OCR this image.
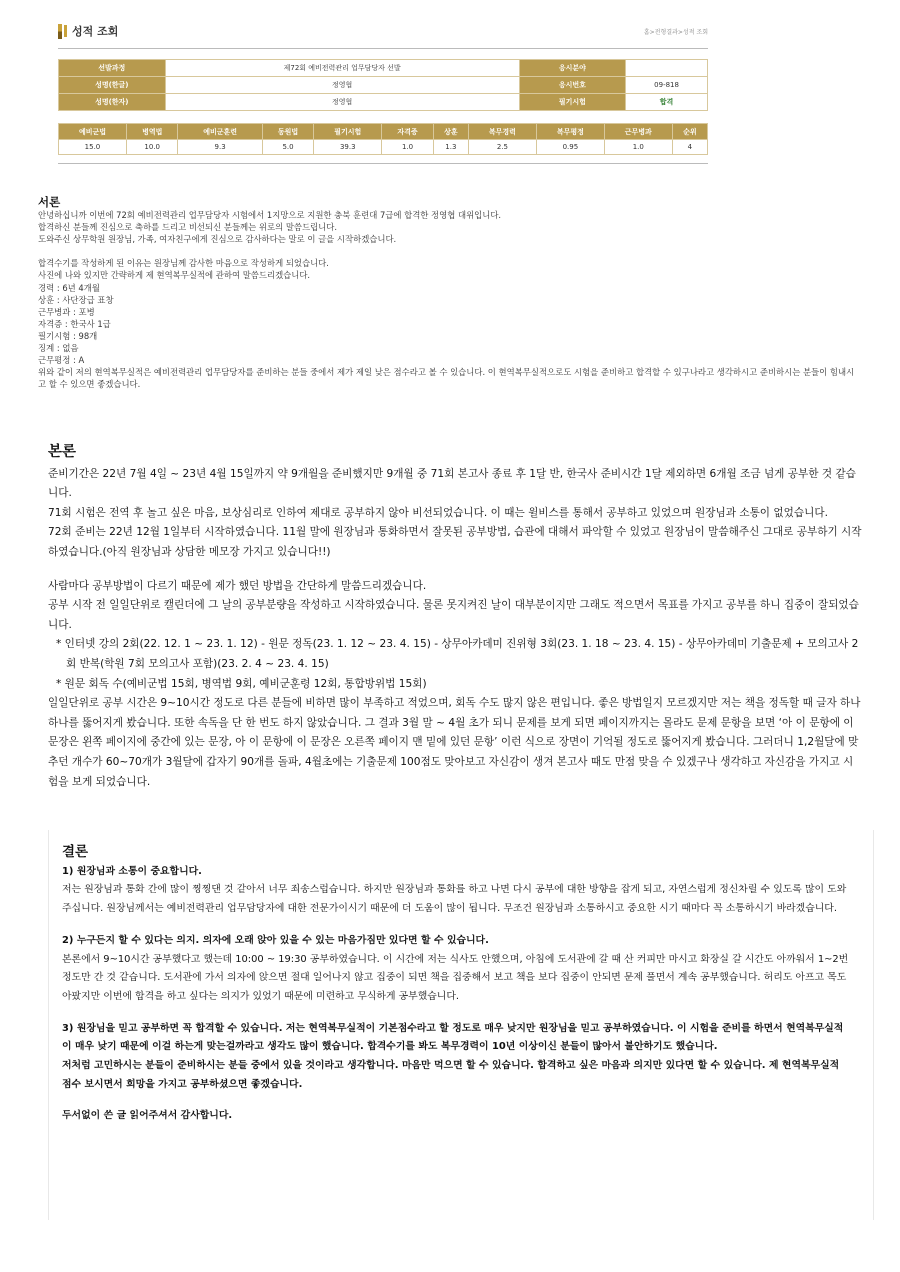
성적 조회	홈>전형결과>성적 조회
선발과정	제72회 예비전력관리 업무담당자 선발	응시분야	
성명(한글)	정영협	응시번호	09-818
성명(한자)	정영협	필기시험	합격
예비군법	병역법	예비군훈련	동원법	필기시험	자격증	상훈	복무경력	복무평정	근무병과	순위
15.0	10.0	9.3	5.0	39.3	1.0	1.3	2.5	0.95	1.0	4
서론

안녕하십니까 이번에 72회 예비전력관리 업무담당자 시험에서 1지망으로 지원한 충북 훈련대 7급에 합격한 정영협 대위입니다.

합격하신 분들께 진심으로 축하를 드리고 비선되신 분들께는 위로의 말씀드립니다.

도와주신 상무학원 원장님, 가족, 여자친구에게 진심으로 감사하다는 말로 이 글을 시작하겠습니다.

합격수기를 작성하게 된 이유는 원장님께 감사한 마음으로 작성하게 되었습니다.

사진에 나와 있지만 간략하게 제 현역복무실적에 관하여 말씀드리겠습니다.

경력 : 6년 4개월

상훈 : 사단장급 표창

근무병과 : 포병

자격증 : 한국사 1급

필기시험 : 98개

징계 : 없음

근무평정 : A

위와 같이 저의 현역복무실적은 예비전력관리 업무담당자를 준비하는 분들 중에서 제가 제일 낮은 점수라고 볼 수 있습니다. 이 현역복무실적으로도 시험을 준비하고 합격할 수 있구나라고 생각하시고 준비하시는 분들이 힘내시고 할 수 있으면 좋겠습니다.

본론

준비기간은 22년 7월 4일 ~ 23년 4월 15일까지 약 9개월을 준비했지만 9개월 중 71회 본고사 종료 후 1달 반, 한국사 준비시간 1달 제외하면 6개월 조금 넘게 공부한 것 같습니다.

71회 시험은 전역 후 놀고 싶은 마음, 보상심리로 인하여 제대로 공부하지 않아 비선되었습니다. 이 때는 윌비스를 통해서 공부하고 있었으며 원장님과 소통이 없었습니다.

72회 준비는 22년 12월 1일부터 시작하였습니다. 11월 말에 원장님과 통화하면서 잘못된 공부방법, 습관에 대해서 파악할 수 있었고 원장님이 말씀해주신 그대로 공부하기 시작하였습니다.(아직 원장님과 상담한 메모장 가지고 있습니다!!)

사람마다 공부방법이 다르기 때문에 제가 했던 방법을 간단하게 말씀드리겠습니다.

공부 시작 전 일일단위로 캘린더에 그 날의 공부분량을 작성하고 시작하였습니다. 물론 못지켜진 날이 대부분이지만 그래도 적으면서 목표를 가지고 공부를 하니 집중이 잘되었습니다.

* 인터넷 강의 2회(22. 12. 1 ~ 23. 1. 12) - 원문 정독(23. 1. 12 ~ 23. 4. 15) - 상무아카데미 진위형 3회(23. 1. 18 ~ 23. 4. 15) - 상무아카데미 기출문제 + 모의고사 2회 반복(학원 7회 모의고사 포함)(23. 2. 4 ~ 23. 4. 15)

* 원문 회독 수(예비군법 15회, 병역법 9회, 예비군훈령 12회, 통합방위법 15회)

일일단위로 공부 시간은 9~10시간 정도로 다른 분들에 비하면 많이 부족하고 적었으며, 회독 수도 많지 않은 편입니다. 좋은 방법일지 모르겠지만 저는 책을 정독할 때 글자 하나하나를 뚫어지게 봤습니다. 또한 속독을 단 한 번도 하지 않았습니다. 그 결과 3월 말 ~ 4월 초가 되니 문제를 보게 되면 페이지까지는 몰라도 문제 문항을 보면 ‘아 이 문항에 이 문장은 왼쪽 페이지에 중간에 있는 문장, 아 이 문항에 이 문장은 오른쪽 페이지 맨 밑에 있던 문항’ 이런 식으로 장면이 기억될 정도로 뚫어지게 봤습니다. 그러더니 1,2월달에 맞추던 개수가 60~70개가 3월달에 갑자기 90개를 돌파, 4월초에는 기출문제 100점도 맞아보고 자신감이 생겨 본고사 때도 만점 맞을 수 있겠구나 생각하고 자신감을 가지고 시험을 보게 되었습니다.

결론

1) 원장님과 소통이 중요합니다.

저는 원장님과 통화 간에 많이 찡찡댄 것 같아서 너무 죄송스럽습니다. 하지만 원장님과 통화를 하고 나면 다시 공부에 대한 방향을 잡게 되고, 자연스럽게 정신차릴 수 있도록 많이 도와주십니다. 원장님께서는 예비전력관리 업무담당자에 대한 전문가이시기 때문에 더 도움이 많이 됩니다. 무조건 원장님과 소통하시고 중요한 시기 때마다 꼭 소통하시기 바라겠습니다.

2) 누구든지 할 수 있다는 의지. 의자에 오래 앉아 있을 수 있는 마음가짐만 있다면 할 수 있습니다.

본론에서 9~10시간 공부했다고 했는데 10:00 ~ 19:30 공부하였습니다. 이 시간에 저는 식사도 안했으며, 아침에 도서관에 갈 때 산 커피만 마시고 화장실 갈 시간도 아까워서 1~2번 정도만 간 것 같습니다. 도서관에 가서 의자에 앉으면 절대 일어나지 않고 집중이 되면 책을 집중해서 보고 책을 보다 집중이 안되면 문제 풀면서 계속 공부했습니다. 허리도 아프고 목도 아팠지만 이번에 합격을 하고 싶다는 의지가 있었기 때문에 미련하고 무식하게 공부했습니다.

3) 원장님을 믿고 공부하면 꼭 합격할 수 있습니다. 저는 현역복무실적이 기본점수라고 할 정도로 매우 낮지만 원장님을 믿고 공부하였습니다. 이 시험을 준비를 하면서 현역복무실적이 매우 낮기 때문에 이걸 하는게 맞는걸까라고 생각도 많이 했습니다. 합격수기를 봐도 복무경력이 10년 이상이신 분들이 많아서 불안하기도 했습니다.

저처럼 고민하시는 분들이 준비하시는 분들 중에서 있을 것이라고 생각합니다. 마음만 먹으면 할 수 있습니다. 합격하고 싶은 마음과 의지만 있다면 할 수 있습니다. 제 현역복무실적 점수 보시면서 희망을 가지고 공부하셨으면 좋겠습니다.

두서없이 쓴 글 읽어주셔서 감사합니다.
